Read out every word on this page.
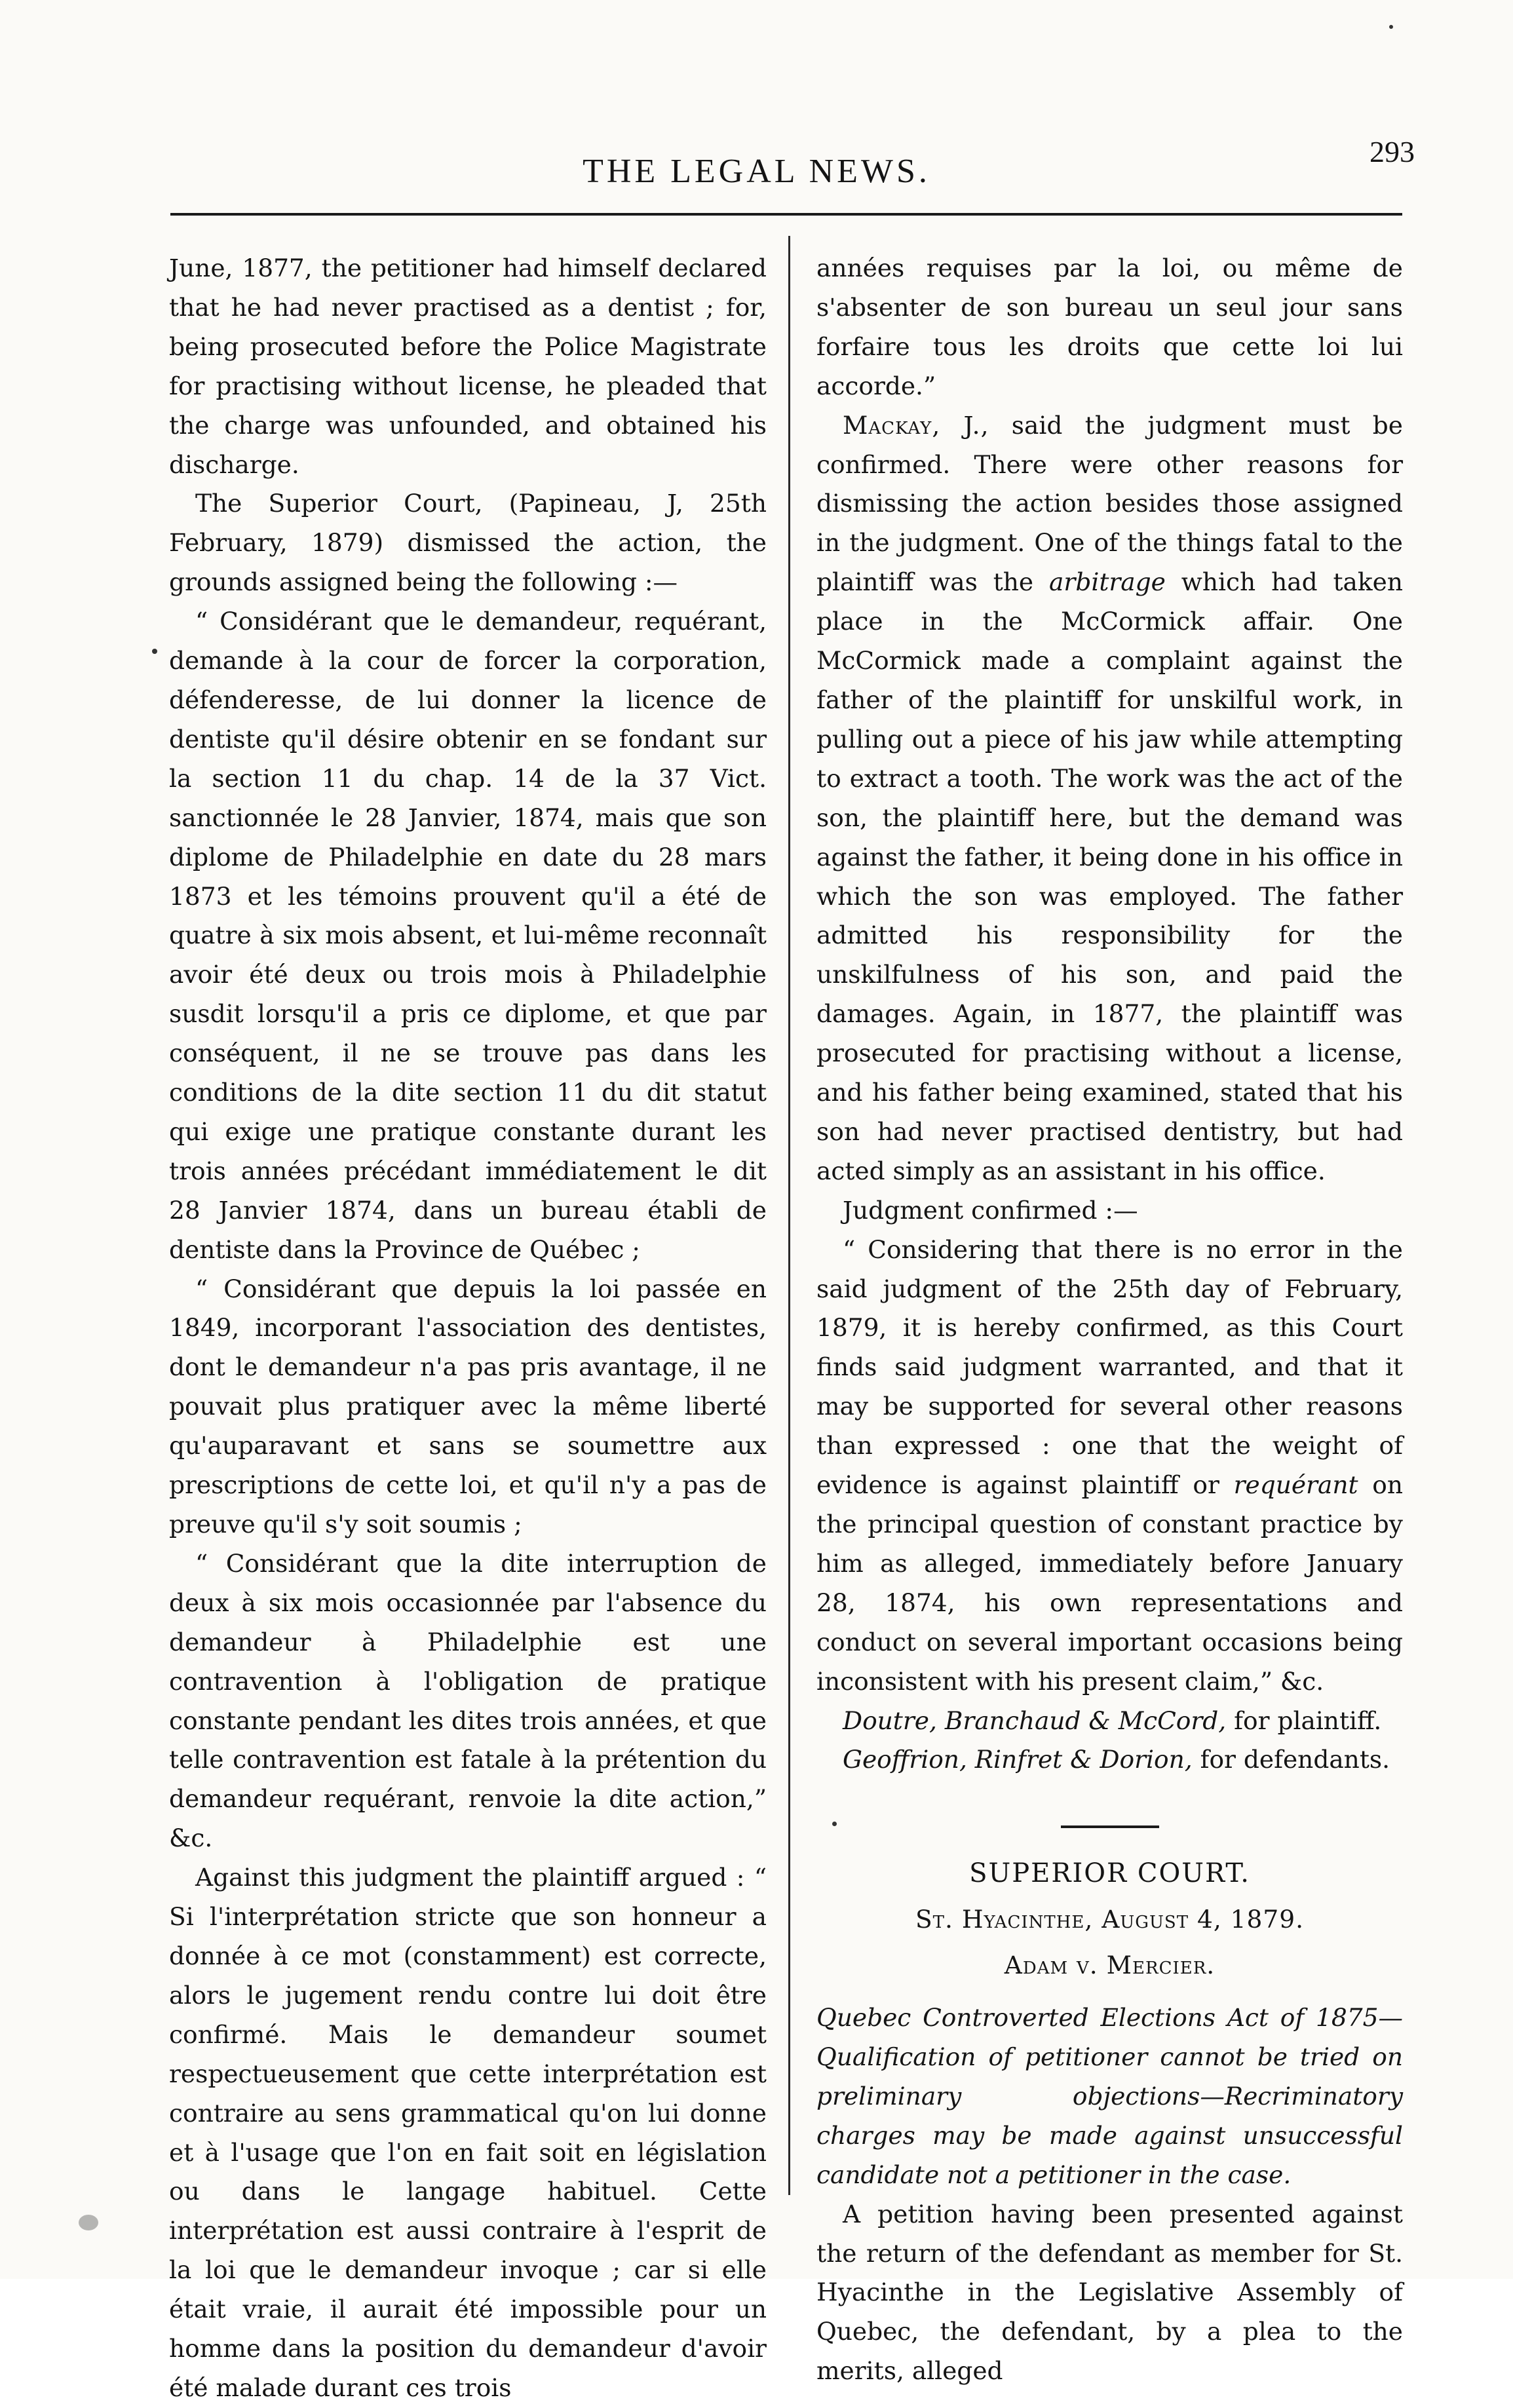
THE LEGAL NEWS.
293

June, 1877, the petitioner had himself declared that he had never practised as a dentist ; for, being prosecuted before the Police Magistrate for practising without license, he pleaded that the charge was unfounded, and obtained his discharge.

The Superior Court, (Papineau, J, 25th February, 1879) dismissed the action, the grounds assigned being the following :—

“ Considérant que le demandeur, requérant, demande à la cour de forcer la corporation, défenderesse, de lui donner la licence de dentiste qu'il désire obtenir en se fondant sur la section 11 du chap. 14 de la 37 Vict. sanctionnée le 28 Janvier, 1874, mais que son diplome de Philadelphie en date du 28 mars 1873 et les témoins prouvent qu'il a été de quatre à six mois absent, et lui-même reconnaît avoir été deux ou trois mois à Philadelphie susdit lorsqu'il a pris ce diplome, et que par conséquent, il ne se trouve pas dans les conditions de la dite section 11 du dit statut qui exige une pratique constante durant les trois années précédant immédiatement le dit 28 Janvier 1874, dans un bureau établi de dentiste dans la Province de Québec ;

“ Considérant que depuis la loi passée en 1849, incorporant l'association des dentistes, dont le demandeur n'a pas pris avantage, il ne pouvait plus pratiquer avec la même liberté qu'auparavant et sans se soumettre aux prescriptions de cette loi, et qu'il n'y a pas de preuve qu'il s'y soit soumis ;

“ Considérant que la dite interruption de deux à six mois occasionnée par l'absence du demandeur à Philadelphie est une contravention à l'obligation de pratique constante pendant les dites trois années, et que telle contravention est fatale à la prétention du demandeur requérant, renvoie la dite action,” &c.

Against this judgment the plaintiff argued : “ Si l'interprétation stricte que son honneur a donnée à ce mot (constamment) est correcte, alors le jugement rendu contre lui doit être confirmé. Mais le demandeur soumet respectueusement que cette interprétation est contraire au sens grammatical qu'on lui donne et à l'usage que l'on en fait soit en législation ou dans le langage habituel. Cette interprétation est aussi contraire à l'esprit de la loi que le demandeur invoque ; car si elle était vraie, il aurait été impossible pour un homme dans la position du demandeur d'avoir été malade durant ces trois

années requises par la loi, ou même de s'absenter de son bureau un seul jour sans forfaire tous les droits que cette loi lui accorde.”

Mackay, J., said the judgment must be confirmed. There were other reasons for dismissing the action besides those assigned in the judgment. One of the things fatal to the plaintiff was the arbitrage which had taken place in the McCormick affair. One McCormick made a complaint against the father of the plaintiff for unskilful work, in pulling out a piece of his jaw while attempting to extract a tooth. The work was the act of the son, the plaintiff here, but the demand was against the father, it being done in his office in which the son was employed. The father admitted his responsibility for the unskilfulness of his son, and paid the damages. Again, in 1877, the plaintiff was prosecuted for practising without a license, and his father being examined, stated that his son had never practised dentistry, but had acted simply as an assistant in his office.

Judgment confirmed :—

“ Considering that there is no error in the said judgment of the 25th day of February, 1879, it is hereby confirmed, as this Court finds said judgment warranted, and that it may be supported for several other reasons than expressed : one that the weight of evidence is against plaintiff or requérant on the principal question of constant practice by him as alleged, immediately before January 28, 1874, his own representations and conduct on several important occasions being inconsistent with his present claim,” &c.

Doutre, Branchaud & McCord, for plaintiff.

Geoffrion, Rinfret & Dorion, for defendants.

SUPERIOR COURT.

St. Hyacinthe, August 4, 1879.

Adam v. Mercier.

Quebec Controverted Elections Act of 1875—Qualification of petitioner cannot be tried on preliminary objections—Recriminatory charges may be made against unsuccessful candidate not a petitioner in the case.

A petition having been presented against the return of the defendant as member for St. Hyacinthe in the Legislative Assembly of Quebec, the defendant, by a plea to the merits, alleged
